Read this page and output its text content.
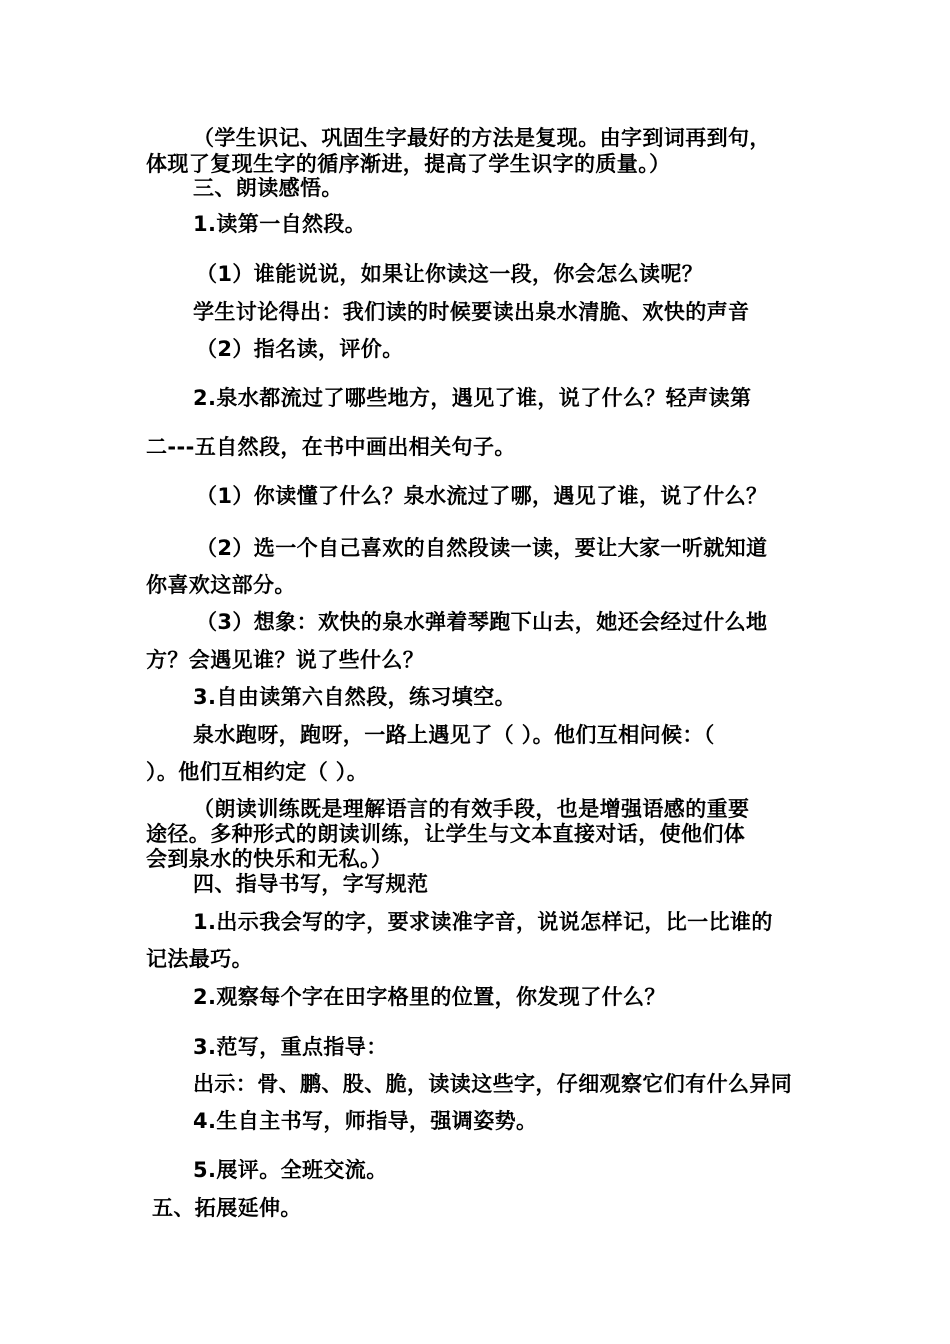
（学生识记、巩固生字最好的方法是复现。由字到词再到句，
体现了复现生字的循序渐进，提高了学生识字的质量。）
三、朗读感悟。
1.读第一自然段。
（1）谁能说说，如果让你读这一段，你会怎么读呢？
学生讨论得出：我们读的时候要读出泉水清脆、欢快的声音
（2）指名读，评价。
2.泉水都流过了哪些地方，遇见了谁，说了什么？轻声读第
二---五自然段，在书中画出相关句子。
（1）你读懂了什么？泉水流过了哪，遇见了谁，说了什么？
（2）选一个自己喜欢的自然段读一读，要让大家一听就知道
你喜欢这部分。
（3）想象：欢快的泉水弹着琴跑下山去，她还会经过什么地
方？会遇见谁？说了些什么？
3.自由读第六自然段，练习填空。
泉水跑呀，跑呀，一路上遇见了（ ）。他们互相问候：（
）。他们互相约定（ ）。
（朗读训练既是理解语言的有效手段，也是增强语感的重要
途径。多种形式的朗读训练，让学生与文本直接对话，使他们体
会到泉水的快乐和无私。）
四、指导书写，字写规范
1.出示我会写的字，要求读准字音，说说怎样记，比一比谁的
记法最巧。
2.观察每个字在田字格里的位置，你发现了什么？
3.范写，重点指导：
出示：骨、鹏、股、脆，读读这些字，仔细观察它们有什么异同
4.生自主书写，师指导，强调姿势。
5.展评。全班交流。
五、拓展延伸。
